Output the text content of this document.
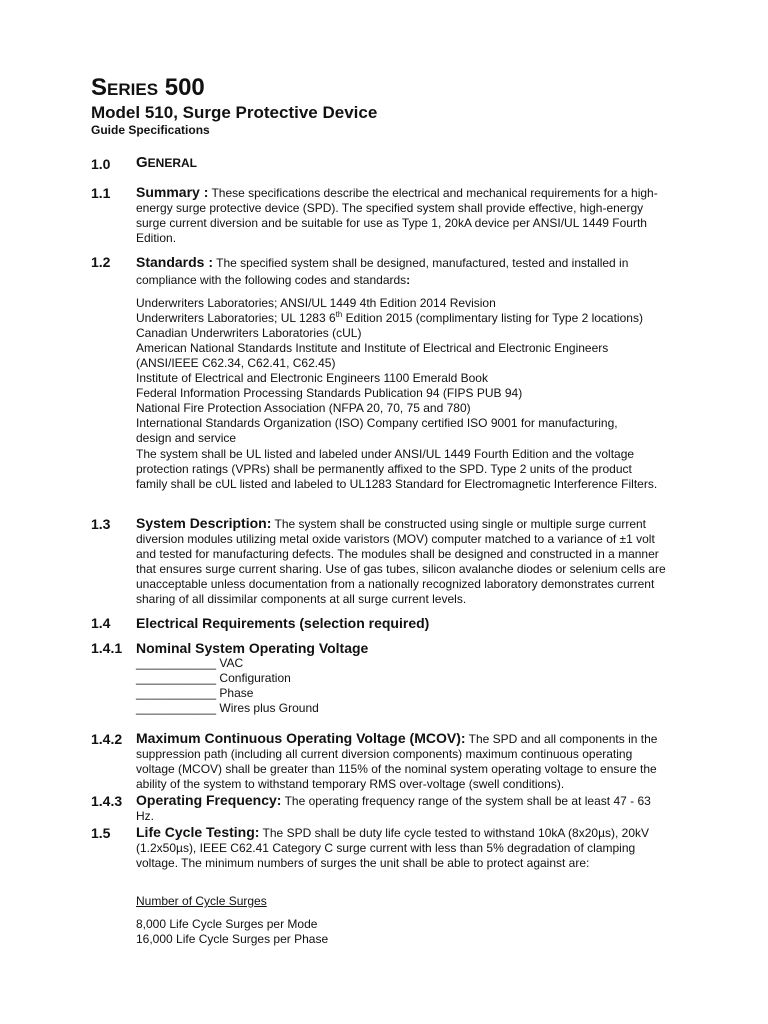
SERIES 500
Model 510, Surge Protective Device
Guide Specifications
1.0 GENERAL
1.1 Summary : These specifications describe the electrical and mechanical requirements for a high-energy surge protective device (SPD). The specified system shall provide effective, high-energy surge current diversion and be suitable for use as Type 1, 20kA device per ANSI/UL 1449 Fourth Edition.
1.2 Standards : The specified system shall be designed, manufactured, tested and installed in compliance with the following codes and standards:
Underwriters Laboratories; ANSI/UL 1449 4th Edition 2014 Revision
Underwriters Laboratories; UL 1283 6th Edition 2015 (complimentary listing for Type 2 locations)
Canadian Underwriters Laboratories (cUL)
American National Standards Institute and Institute of Electrical and Electronic Engineers
(ANSI/IEEE C62.34, C62.41, C62.45)
Institute of Electrical and Electronic Engineers 1100 Emerald Book
Federal Information Processing Standards Publication 94 (FIPS PUB 94)
National Fire Protection Association (NFPA 20, 70, 75 and 780)
International Standards Organization (ISO) Company certified ISO 9001 for manufacturing,
design and service
The system shall be UL listed and labeled under ANSI/UL 1449 Fourth Edition and the voltage protection ratings (VPRs) shall be permanently affixed to the SPD. Type 2 units of the product family shall be cUL listed and labeled to UL1283 Standard for Electromagnetic Interference Filters.
1.3 System Description: The system shall be constructed using single or multiple surge current diversion modules utilizing metal oxide varistors (MOV) computer matched to a variance of ±1 volt and tested for manufacturing defects. The modules shall be designed and constructed in a manner that ensures surge current sharing. Use of gas tubes, silicon avalanche diodes or selenium cells are unacceptable unless documentation from a nationally recognized laboratory demonstrates current sharing of all dissimilar components at all surge current levels.
1.4 Electrical Requirements (selection required)
1.4.1 Nominal System Operating Voltage
____________ VAC
____________ Configuration
____________ Phase
____________ Wires plus Ground
1.4.2 Maximum Continuous Operating Voltage (MCOV): The SPD and all components in the suppression path (including all current diversion components) maximum continuous operating voltage (MCOV) shall be greater than 115% of the nominal system operating voltage to ensure the ability of the system to withstand temporary RMS over-voltage (swell conditions).
1.4.3 Operating Frequency: The operating frequency range of the system shall be at least 47 - 63 Hz.
1.5 Life Cycle Testing: The SPD shall be duty life cycle tested to withstand 10kA (8x20µs), 20kV (1.2x50µs), IEEE C62.41 Category C surge current with less than 5% degradation of clamping voltage. The minimum numbers of surges the unit shall be able to protect against are:
Number of Cycle Surges
8,000 Life Cycle Surges per Mode
16,000 Life Cycle Surges per Phase
